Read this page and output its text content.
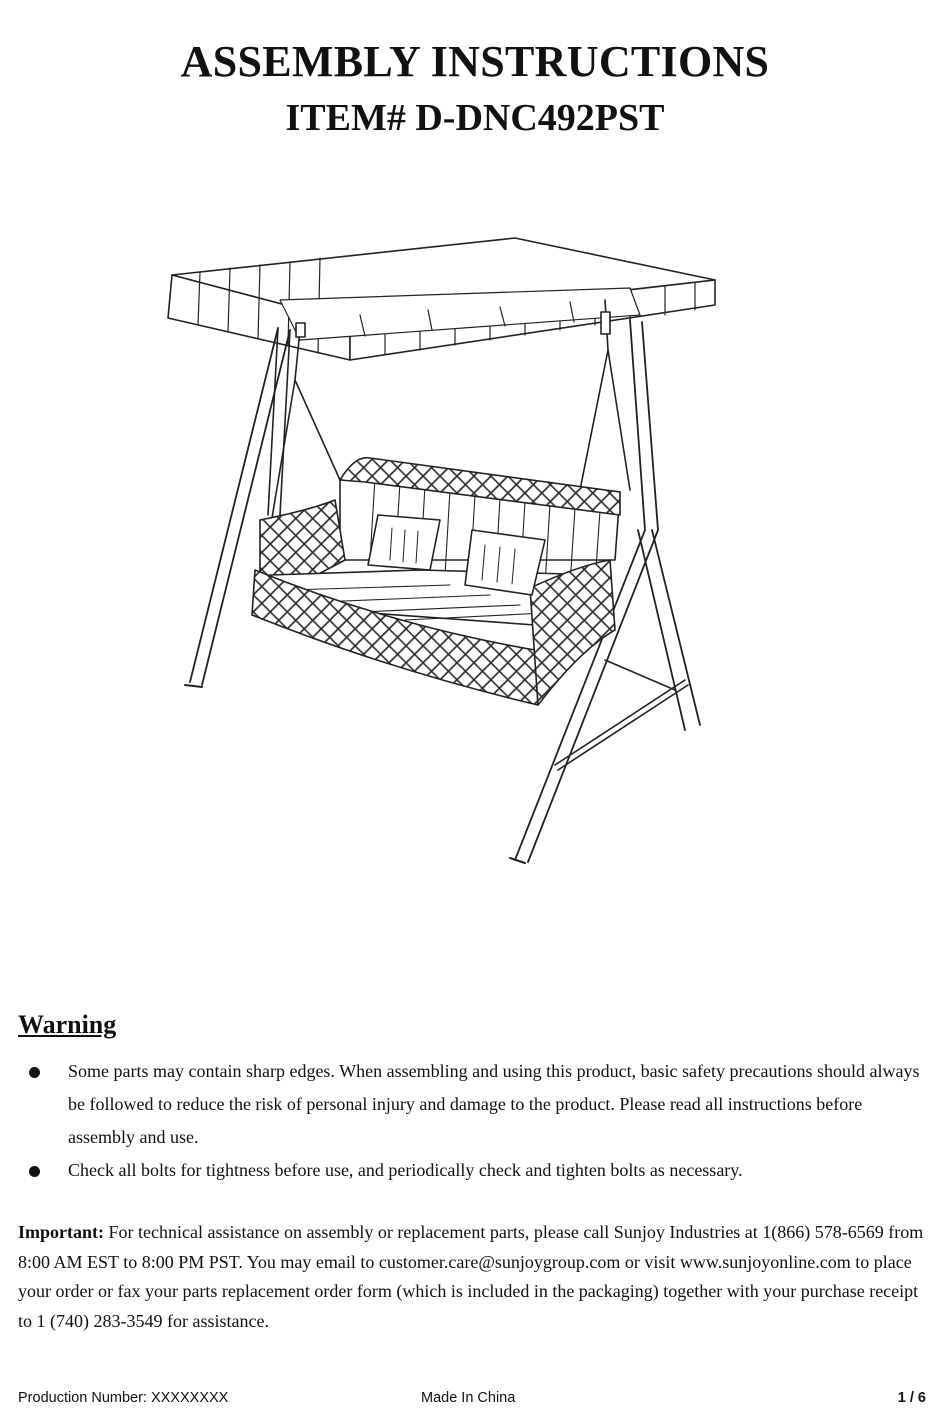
ASSEMBLY INSTRUCTIONS
ITEM# D-DNC492PST
Warning
Some parts may contain sharp edges. When assembling and using this product, basic safety precautions should always be followed to reduce the risk of personal injury and damage to the product. Please read all instructions before assembly and use.
Check all bolts for tightness before use, and periodically check and tighten bolts as necessary.

Important: For technical assistance on assembly or replacement parts, please call Sunjoy Industries at 1(866) 578-6569 from 8:00 AM EST to 8:00 PM PST. You may email to customer.care@sunjoygroup.com or visit www.sunjoyonline.com to place your order or fax your parts replacement order form (which is included in the packaging) together with your purchase receipt to 1 (740) 283-3549 for assistance.

Production Number: XXXXXXXX	Made In China	1 / 6
